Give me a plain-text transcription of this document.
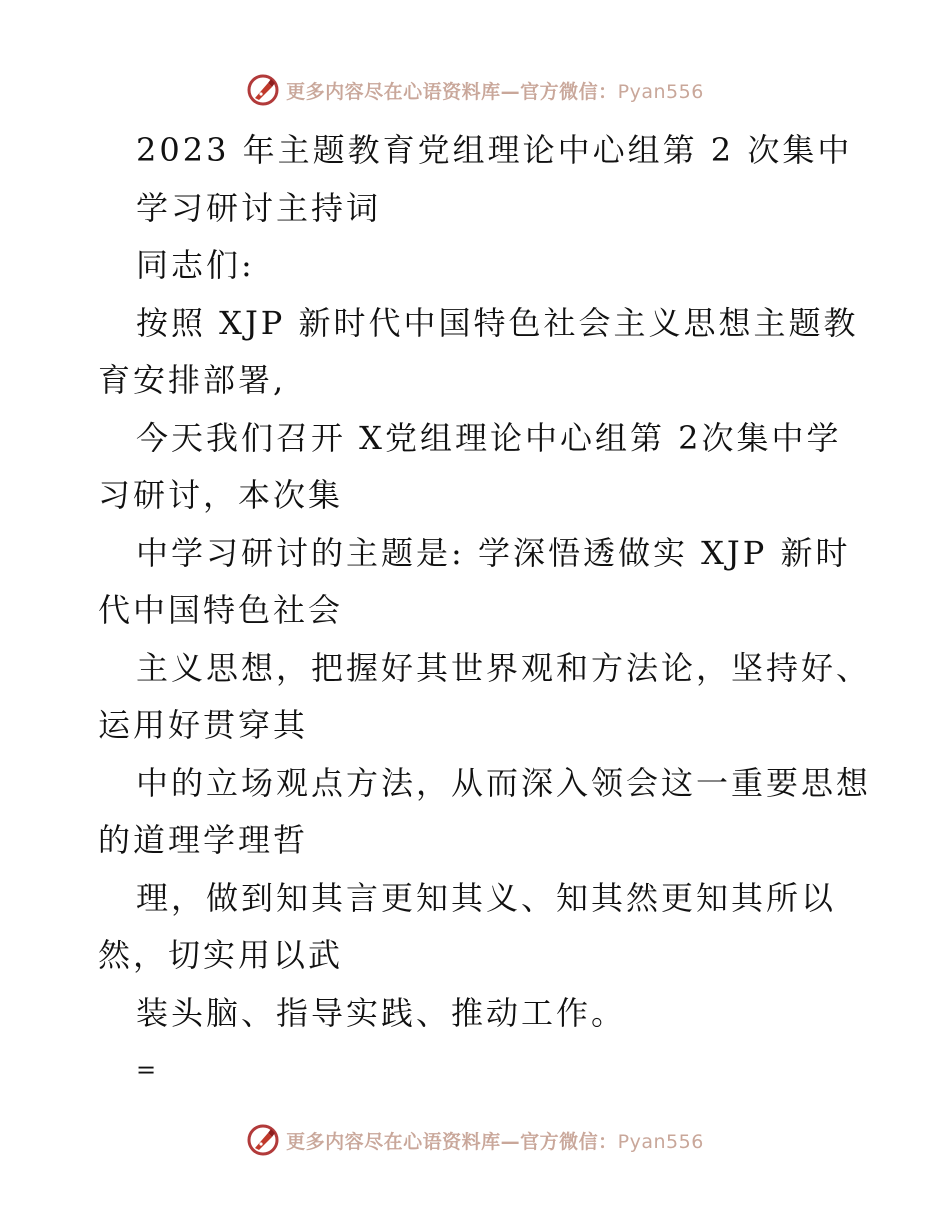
更多内容尽在心语资料库—官方微信：Pyan556
2023 年主题教育党组理论中心组第 2 次集中
学习研讨主持词
同志们:
按照 XJP 新时代中国特色社会主义思想主题教
育安排部署,
今天我们召开 X党组理论中心组第 2次集中学
习研讨，本次集
中学习研讨的主题是: 学深悟透做实 XJP 新时
代中国特色社会
主义思想，把握好其世界观和方法论，坚持好、
运用好贯穿其
中的立场观点方法，从而深入领会这一重要思想
的道理学理哲
理，做到知其言更知其义、知其然更知其所以
然，切实用以武
装头脑、指导实践、推动工作。
=
更多内容尽在心语资料库—官方微信：Pyan556
